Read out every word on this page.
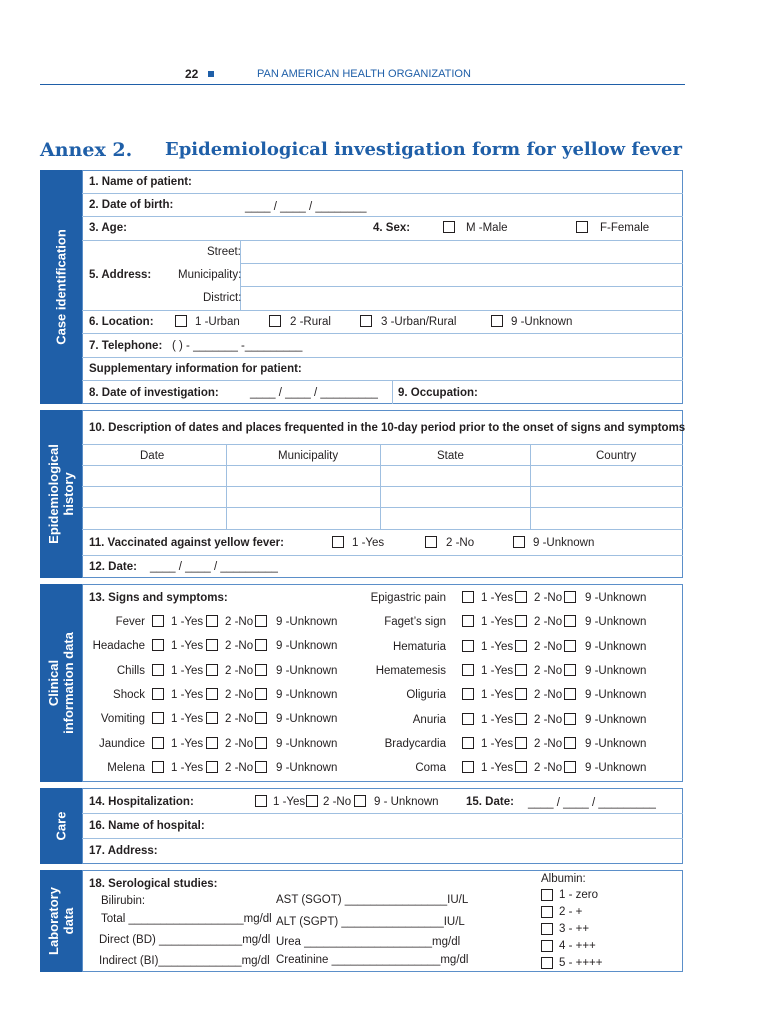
22	PAN AMERICAN HEALTH ORGANIZATION
Annex 2. Epidemiological investigation form for yellow fever
Case identification
1. Name of patient:
2. Date of birth:	____ / ____ / ________
3. Age:	4. Sex:	M -Male	F-Female
Street:
5. Address: Municipality:
District:
6. Location:	1 -Urban	2 -Rural	3 -Urban/Rural	9 -Unknown
7. Telephone: ( ) - _______ -_________
Supplementary information for patient:
8. Date of investigation:	____ / ____ / _________ 9. Occupation:
Epidemiological
history
10. Description of dates and places frequented in the 10-day period prior to the onset of signs and symptoms
Date	Municipality	State	Country
11. Vaccinated against yellow fever:	1 -Yes	2 -No	9 -Unknown
12. Date: ____ / ____ / _________
Clinical
information data
13. Signs and symptoms:
Fever 1 -Yes 2 -No 9 -Unknown
Headache 1 -Yes 2 -No 9 -Unknown
Chills 1 -Yes 2 -No 9 -Unknown
Shock 1 -Yes 2 -No 9 -Unknown
Vomiting 1 -Yes 2 -No 9 -Unknown
Jaundice 1 -Yes 2 -No 9 -Unknown
Melena 1 -Yes 2 -No 9 -Unknown
Epigastric pain	1 -Yes 2 -No 9 -Unknown
Faget’s sign	1 -Yes 2 -No 9 -Unknown
Hematuria	1 -Yes 2 -No 9 -Unknown
Hematemesis	1 -Yes 2 -No 9 -Unknown
Oliguria	1 -Yes 2 -No 9 -Unknown
Anuria	1 -Yes 2 -No 9 -Unknown
Bradycardia	1 -Yes 2 -No 9 -Unknown
Coma	1 -Yes 2 -No 9 -Unknown
Care
14. Hospitalization:	1 -Yes 2 -No 9 - Unknown 15. Date: ____ / ____ / _________
16. Name of hospital:
17. Address:
Laboratory
data
18. Serological studies:
Bilirubin:
Total __________________mg/dl
Direct (BD) _____________mg/dl
Indirect (BI)_____________mg/dl
AST (SGOT) ________________IU/L
ALT (SGPT) ________________IU/L
Urea ____________________mg/dl
Creatinine _________________mg/dl
Albumin:
1 - zero
2 - +
3 - ++
4 - +++
5 - ++++
